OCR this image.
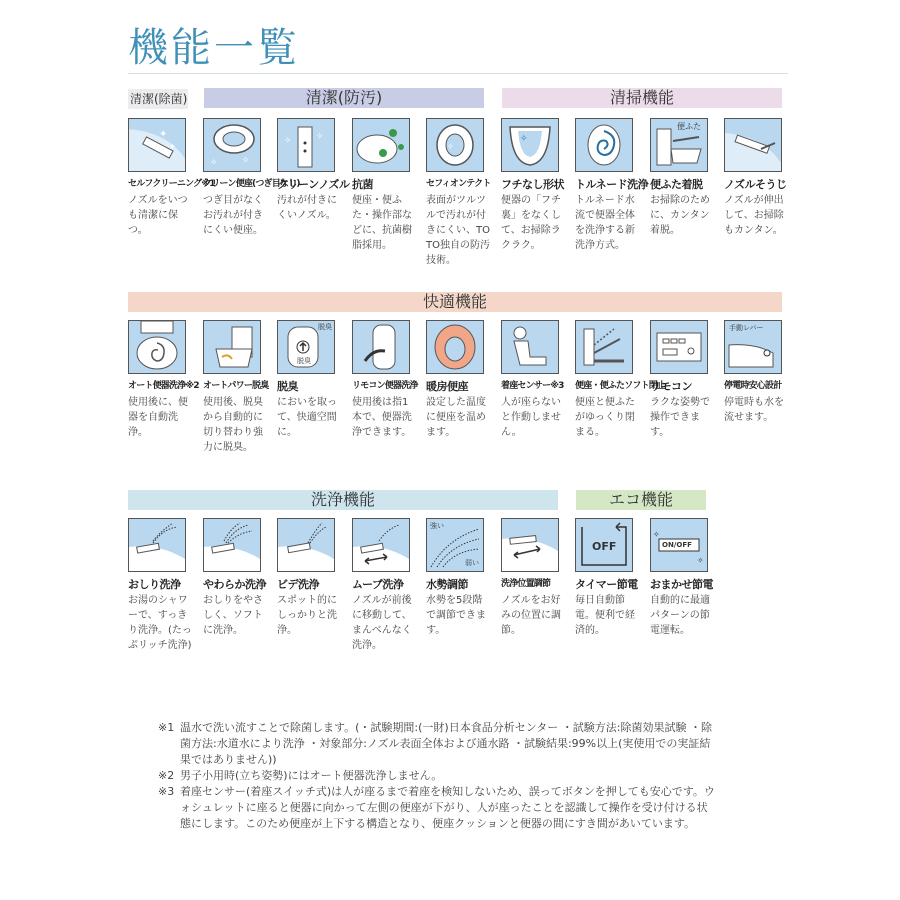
機能一覧
清潔(除菌)	清潔(防汚)	清掃機能
快適機能
洗浄機能	エコ機能
✦
✦
セルフクリーニング※1
ノズルをいつも清潔に保つ。
✧	✧
クリーン便座(つぎ目なし)
つぎ目がなくお汚れが付きにくい便座。
✧	✧
クリーンノズル
汚れが付きにくいノズル。
抗菌
便座・便ふた・操作部などに、抗菌樹脂採用。
✧
セフィオンテクト
表面がツルツルで汚れが付きにくい、TOTO独自の防汚技術。
✧
フチなし形状
便器の「フチ裏」をなくして、お掃除ラクラク。
トルネード洗浄
トルネード水流で便器全体を洗浄する新洗浄方式。
便ふた
便ふた着脱
お掃除のために、カンタン着脱。
ノズルそうじ
ノズルが伸出して、お掃除もカンタン。
オート便器洗浄※2
使用後に、便器を自動洗浄。
オートパワー脱臭
使用後、脱臭から自動的に切り替わり強力に脱臭。
脱臭
脱臭
脱臭
においを取って、快適空間に。
リモコン便器洗浄
使用後は指1本で、便器洗浄できます。
暖房便座
設定した温度に便座を温めます。
着座センサー※3
人が座らないと作動しません。
便座・便ふたソフト閉止
便座と便ふたがゆっくり閉まる。
リモコン
ラクな姿勢で操作できます。
手動レバー
停電時安心設計
停電時も水を流せます。
おしり洗浄
お湯のシャワーで、すっきり洗浄。(たっぷリッチ洗浄)
やわらか洗浄
おしりをやさしく、ソフトに洗浄。
ビデ洗浄
スポット的にしっかりと洗浄。
ムーブ洗浄
ノズルが前後に移動して、まんべんなく洗浄。
強い
弱い
水勢調節
水勢を5段階で調節できます。
洗浄位置調節
ノズルをお好みの位置に調節。
OFF
タイマー節電
毎日自動節電。便利で経済的。
✧
✧
ON/OFF
おまかせ節電
自動的に最適パターンの節電運転。
※1 温水で洗い流すことで除菌します。(・試験期間:(一財)日本食品分析センター ・試験方法:除菌効果試験 ・除菌方法:水道水により洗浄 ・対象部分:ノズル表面全体および通水路 ・試験結果:99%以上(実使用での実証結果ではありません))
※2 男子小用時(立ち姿勢)にはオート便器洗浄しません。
※3 着座センサー(着座スイッチ式)は人が座るまで着座を検知しないため、誤ってボタンを押しても安心です。ウォシュレットに座ると便器に向かって左側の便座が下がり、人が座ったことを認識して操作を受け付ける状態にします。このため便座が上下する構造となり、便座クッションと便器の間にすき間があいています。
